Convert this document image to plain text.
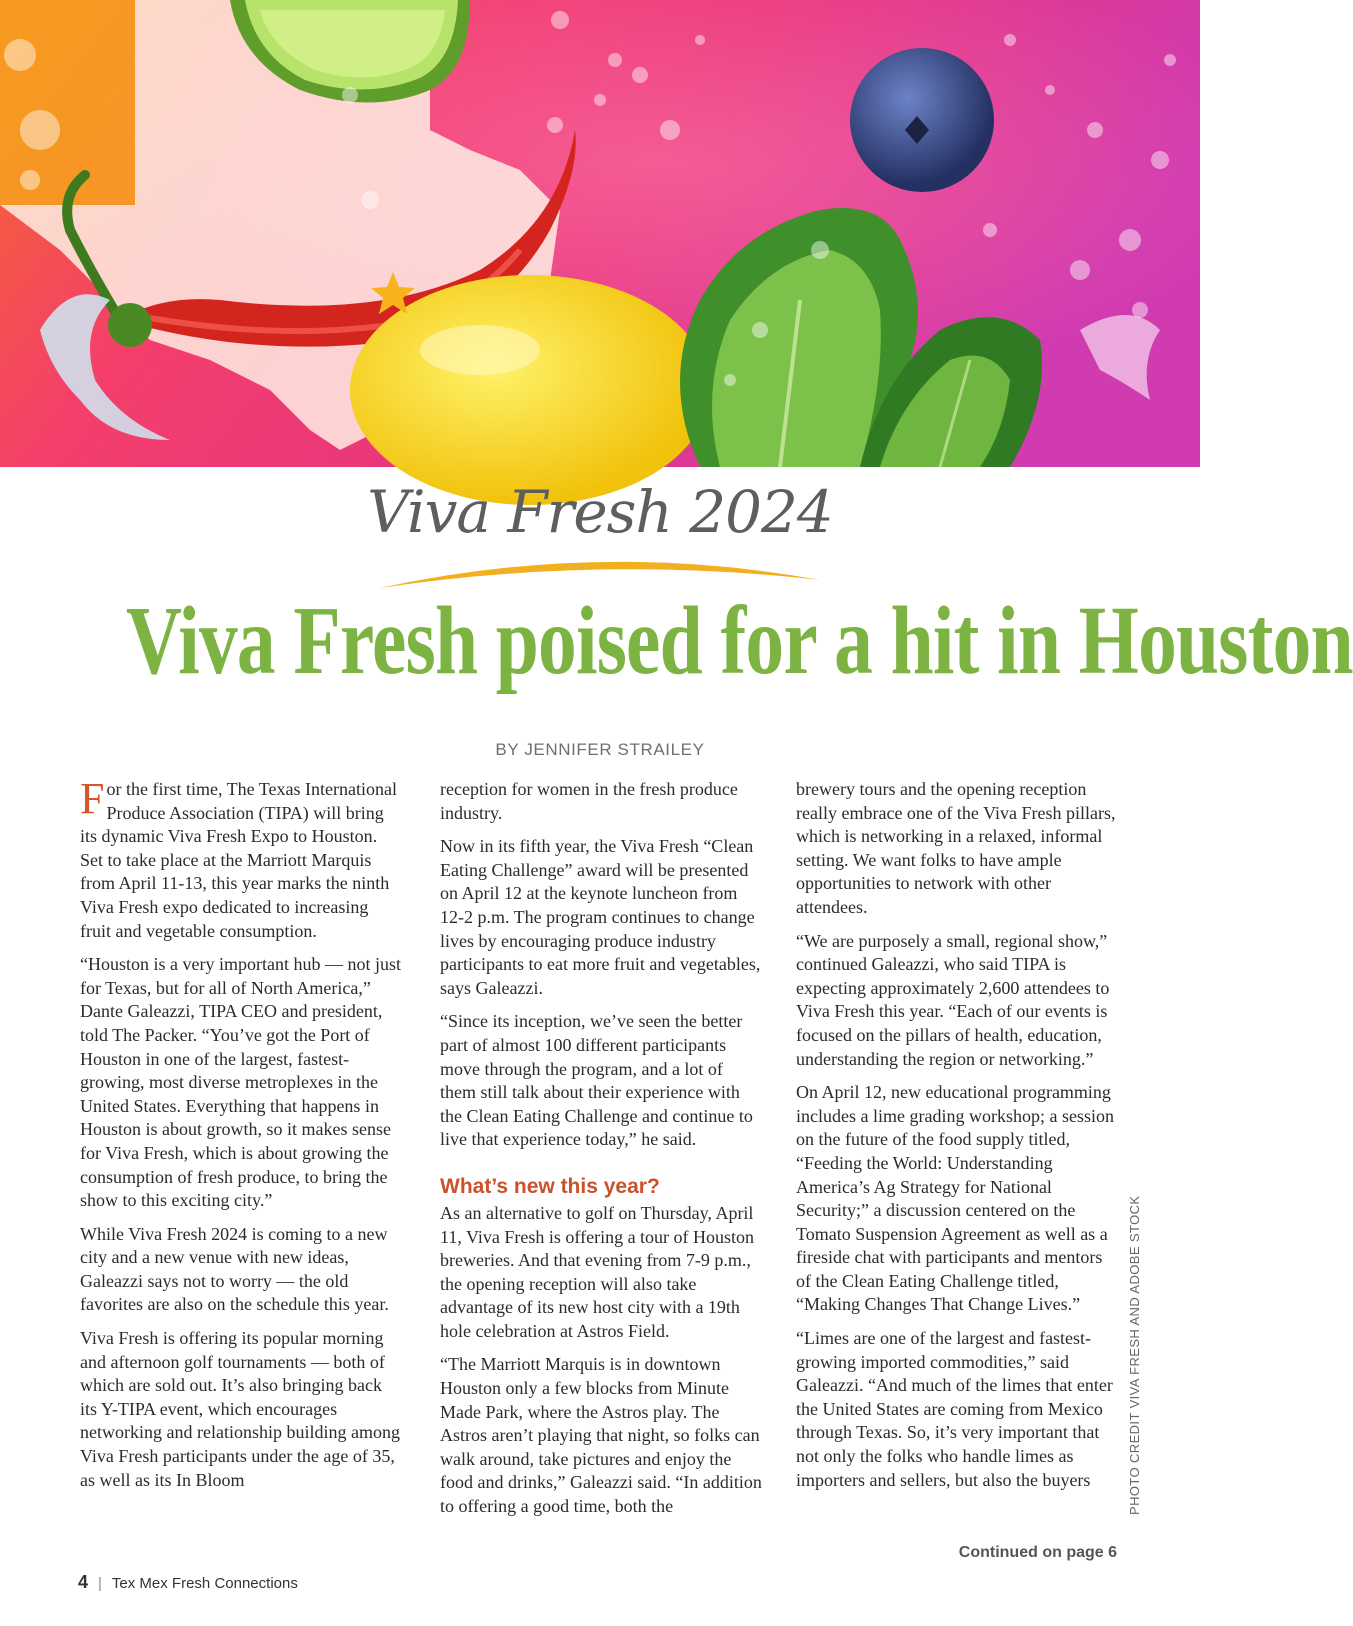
Viva Fresh 2024
Viva Fresh poised for a hit in Houston
BY JENNIFER STRAILEY

For the first time, The Texas International Produce Association (TIPA) will bring its dynamic Viva Fresh Expo to Houston. Set to take place at the Marriott Marquis from April 11-13, this year marks the ninth Viva Fresh expo dedicated to increasing fruit and vegetable consumption.

“Houston is a very important hub — not just for Texas, but for all of North America,” Dante Galeazzi, TIPA CEO and president, told The Packer. “You’ve got the Port of Houston in one of the largest, fastest-growing, most diverse metroplexes in the United States. Everything that happens in Houston is about growth, so it makes sense for Viva Fresh, which is about growing the consumption of fresh produce, to bring the show to this exciting city.”

While Viva Fresh 2024 is coming to a new city and a new venue with new ideas, Galeazzi says not to worry — the old favorites are also on the schedule this year.

Viva Fresh is offering its popular morning and afternoon golf tournaments — both of which are sold out. It’s also bringing back its Y-TIPA event, which encourages networking and relationship building among Viva Fresh participants under the age of 35, as well as its In Bloom

reception for women in the fresh produce industry.

Now in its fifth year, the Viva Fresh “Clean Eating Challenge” award will be presented on April 12 at the keynote luncheon from 12-2 p.m. The program continues to change lives by encouraging produce industry participants to eat more fruit and vegetables, says Galeazzi.

“Since its inception, we’ve seen the better part of almost 100 different participants move through the program, and a lot of them still talk about their experience with the Clean Eating Challenge and continue to live that experience today,” he said.

What’s new this year?

As an alternative to golf on Thursday, April 11, Viva Fresh is offering a tour of Houston breweries. And that evening from 7-9 p.m., the opening reception will also take advantage of its new host city with a 19th hole celebration at Astros Field.

“The Marriott Marquis is in downtown Houston only a few blocks from Minute Made Park, where the Astros play. The Astros aren’t playing that night, so folks can walk around, take pictures and enjoy the food and drinks,” Galeazzi said. “In addition to offering a good time, both the

brewery tours and the opening reception really embrace one of the Viva Fresh pillars, which is networking in a relaxed, informal setting. We want folks to have ample opportunities to network with other attendees.

“We are purposely a small, regional show,” continued Galeazzi, who said TIPA is expecting approximately 2,600 attendees to Viva Fresh this year. “Each of our events is focused on the pillars of health, education, understanding the region or networking.”

On April 12, new educational programming includes a lime grading workshop; a session on the future of the food supply titled, “Feeding the World: Understanding America’s Ag Strategy for National Security;” a discussion centered on the Tomato Suspension Agreement as well as a fireside chat with participants and mentors of the Clean Eating Challenge titled, “Making Changes That Change Lives.”

“Limes are one of the largest and fastest-growing imported commodities,” said Galeazzi. “And much of the limes that enter the United States are coming from Mexico through Texas. So, it’s very important that not only the folks who handle limes as importers and sellers, but also the buyers	PHOTO CREDIT VIVA FRESH AND ADOBE STOCK
Continued on page 6
4 | Tex Mex Fresh Connections
